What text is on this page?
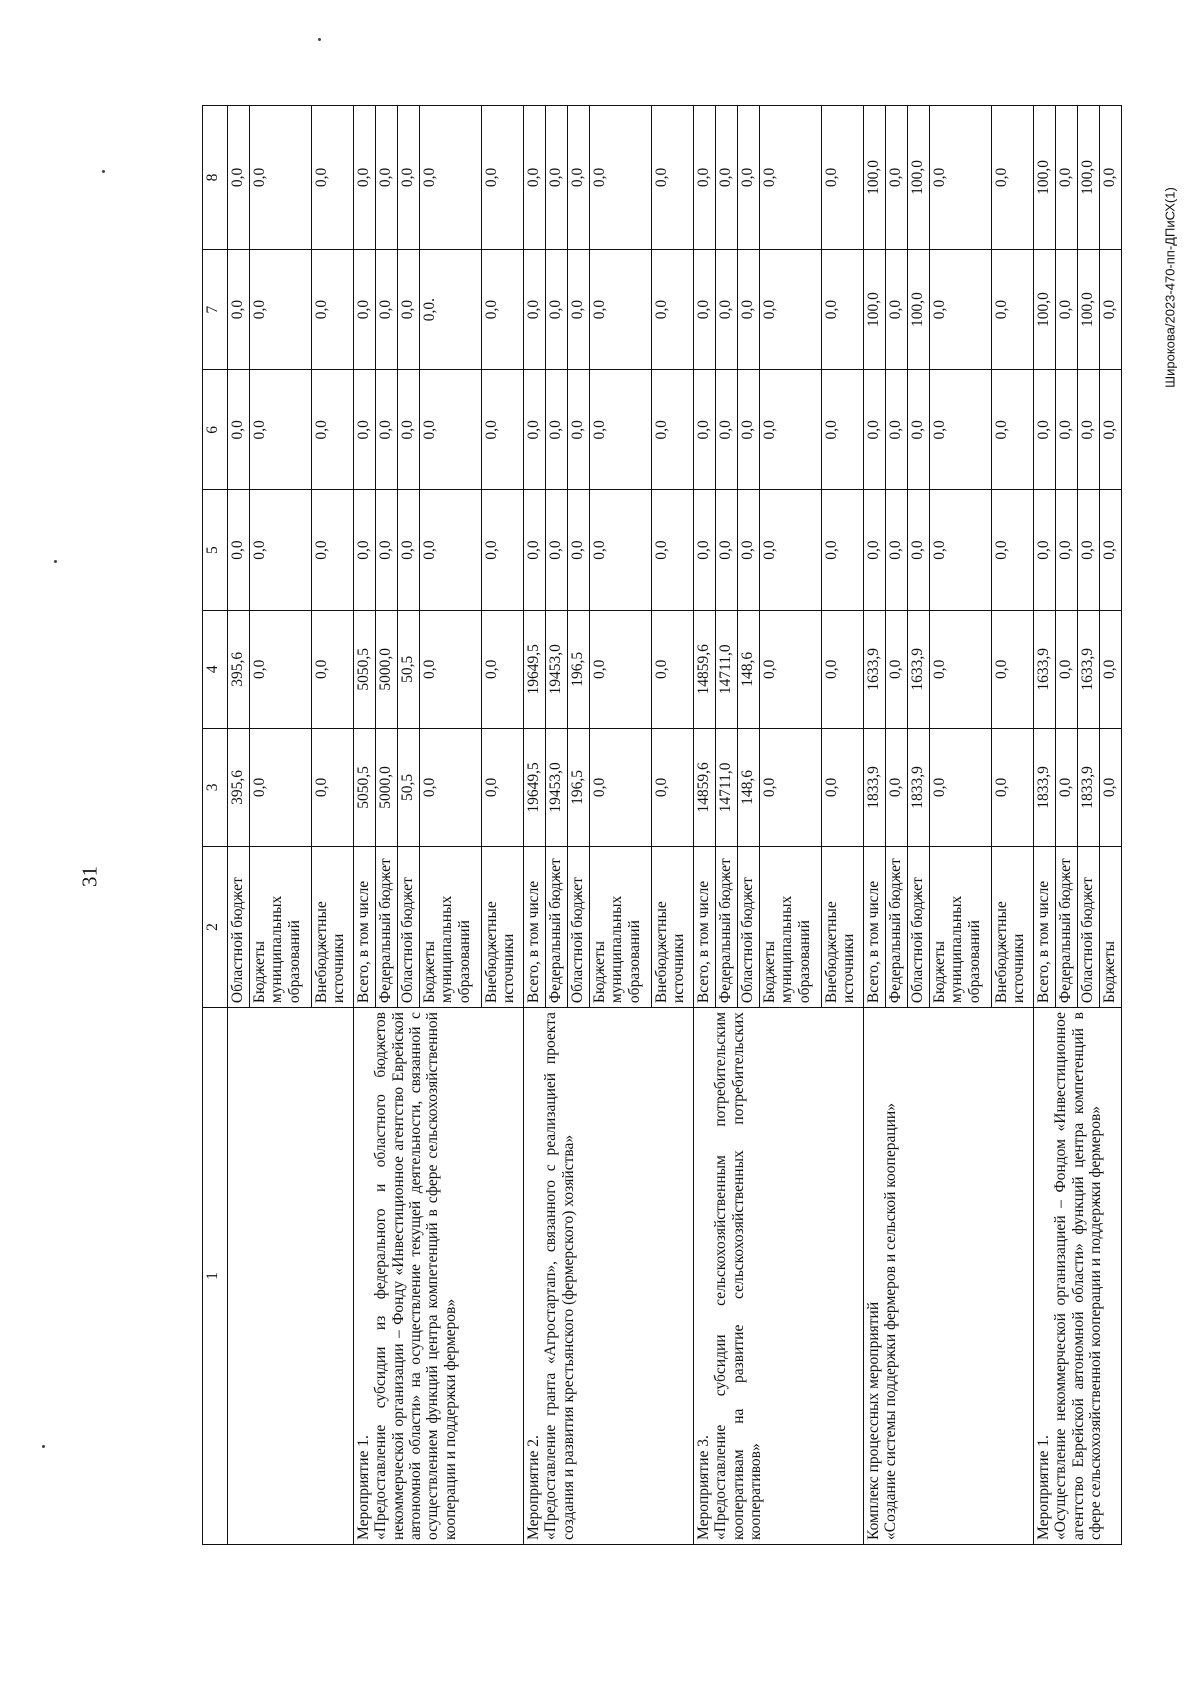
31
Широкова/2023-470-пп-ДПиСХ(1)
1	2	3	4	5	6	7	8
	Областной бюджет	395,6	395,6	0,0	0,0	0,0	0,0
	Бюджеты муниципальных образований	0,0	0,0	0,0	0,0	0,0	0,0
	Внебюджетные источники	0,0	0,0	0,0	0,0	0,0	0,0
Мероприятие 1.
«Предоставление субсидии из федерального и областного бюджетов некоммерческой организации – Фонду «Инвестиционное агентство Еврейской автономной области» на осуществление текущей деятельности, связанной с осуществлением функций центра компетенций в сфере сельскохозяйственной кооперации и поддержки фермеров»	Всего, в том числе	5050,5	5050,5	0,0	0,0	0,0	0,0
	Федеральный бюджет	5000,0	5000,0	0,0	0,0	0,0	0,0
	Областной бюджет	50,5	50,5	0,0	0,0	0,0	0,0
	Бюджеты муниципальных образований	0,0	0,0	0,0	0,0	0,0.	0,0
	Внебюджетные источники	0,0	0,0	0,0	0,0	0,0	0,0
Мероприятие 2.
«Предоставление гранта «Агростартап», связанного с реализацией проекта создания и развития крестьянского (фермерского) хозяйства»	Всего, в том числе	19649,5	19649,5	0,0	0,0	0,0	0,0
	Федеральный бюджет	19453,0	19453,0	0,0	0,0	0,0	0,0
	Областной бюджет	196,5	196,5	0,0	0,0	0,0	0,0
	Бюджеты муниципальных образований	0,0	0,0	0,0	0,0	0,0	0,0
	Внебюджетные источники	0,0	0,0	0,0	0,0	0,0	0,0
Мероприятие 3.
«Предоставление субсидии сельскохозяйственным потребительским кооперативам на развитие сельскохозяйственных потребительских кооперативов»	Всего, в том числе	14859,6	14859,6	0,0	0,0	0,0	0,0
	Федеральный бюджет	14711,0	14711,0	0,0	0,0	0,0	0,0
	Областной бюджет	148,6	148,6	0,0	0,0	0,0	0,0
	Бюджеты муниципальных образований	0,0	0,0	0,0	0,0	0,0	0,0
	Внебюджетные источники	0,0	0,0	0,0	0,0	0,0	0,0
Комплекс процессных мероприятий
«Создание системы поддержки фермеров и сельской кооперации»	Всего, в том числе	1833,9	1633,9	0,0	0,0	100,0	100,0
	Федеральный бюджет	0,0	0,0	0,0	0,0	0,0	0,0
	Областной бюджет	1833,9	1633,9	0,0	0,0	100,0	100,0
	Бюджеты муниципальных образований	0,0	0,0	0,0	0,0	0,0	0,0
	Внебюджетные источники	0,0	0,0	0,0	0,0	0,0	0,0
Мероприятие 1.
«Осуществление некоммерческой организацией – Фондом «Инвестиционное агентство Еврейской автономной области» функций центра компетенций в сфере сельскохозяйственной кооперации и поддержки фермеров»	Всего, в том числе	1833,9	1633,9	0,0	0,0	100,0	100,0
	Федеральный бюджет	0,0	0,0	0,0	0,0	0,0	0,0
	Областной бюджет	1833,9	1633,9	0,0	0,0	100,0	100,0
	Бюджеты	0,0	0,0	0,0	0,0	0,0	0,0
